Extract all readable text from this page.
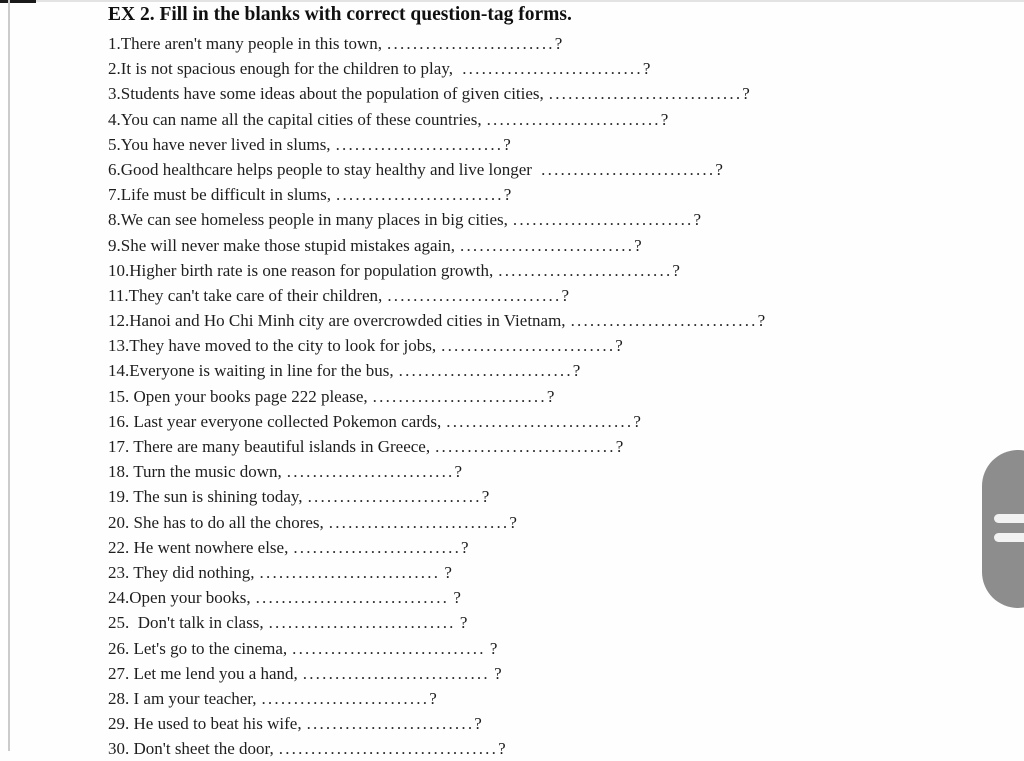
EX 2. Fill in the blanks with correct question-tag forms.
1.There aren't many people in this town, ..........................?
2.It is not spacious enough for the children to play, ............................?
3.Students have some ideas about the population of given cities, ..............................?
4.You can name all the capital cities of these countries, ...........................?
5.You have never lived in slums, ..........................?
6.Good healthcare helps people to stay healthy and live longer ...........................?
7.Life must be difficult in slums, ..........................?
8.We can see homeless people in many places in big cities, ............................?
9.She will never make those stupid mistakes again, ...........................?
10.Higher birth rate is one reason for population growth, ...........................?
11.They can't take care of their children, ...........................?
12.Hanoi and Ho Chi Minh city are overcrowded cities in Vietnam, .............................?
13.They have moved to the city to look for jobs, ...........................?
14.Everyone is waiting in line for the bus, ...........................?
15. Open your books page 222 please, ...........................?
16. Last year everyone collected Pokemon cards, .............................?
17. There are many beautiful islands in Greece, ............................?
18. Turn the music down, ..........................?
19. The sun is shining today, ...........................?
20. She has to do all the chores, ............................?
22. He went nowhere else, ..........................?
23. They did nothing, ............................ ?
24.Open your books, .............................. ?
25.  Don't talk in class, ............................. ?
26. Let's go to the cinema, .............................. ?
27. Let me lend you a hand, ............................. ?
28. I am your teacher, ..........................?
29. He used to beat his wife, ..........................?
30. Don't sheet the door, ..................................?
